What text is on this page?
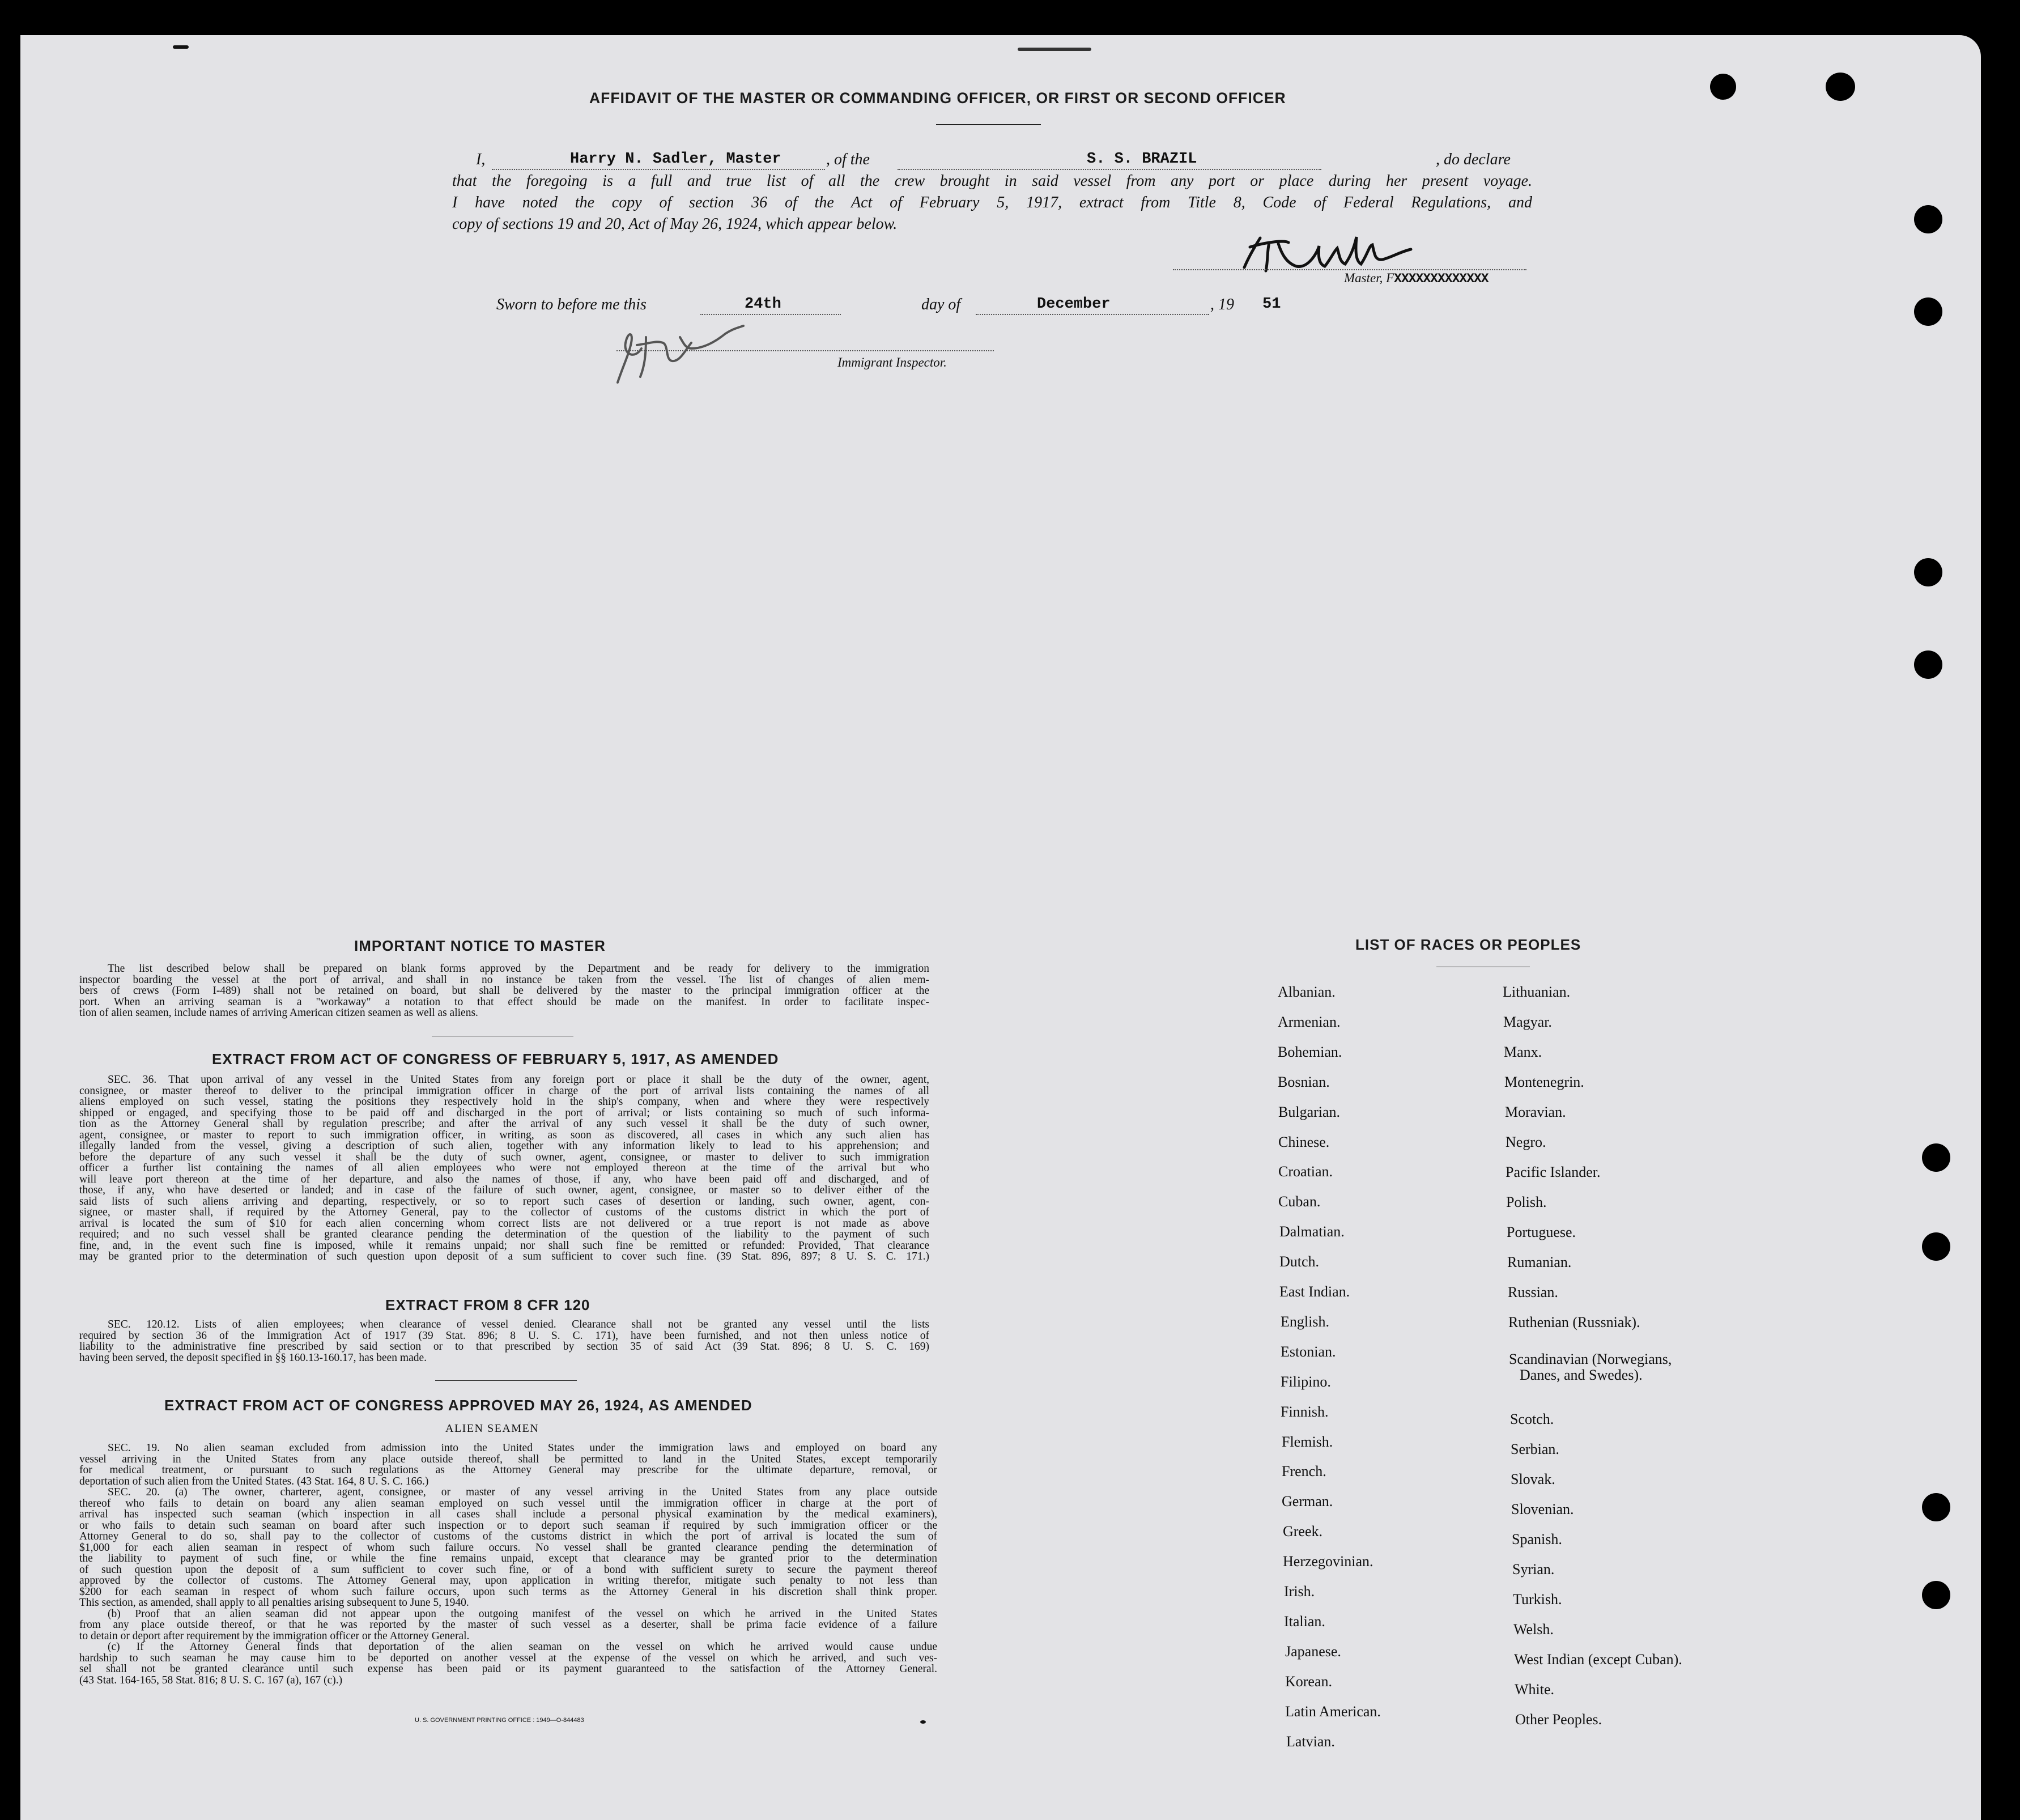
AFFIDAVIT OF THE MASTER OR COMMANDING OFFICER, OR FIRST OR SECOND OFFICER
I,	Harry N. Sadler, Master	, of the	S. S. BRAZIL	, do declare
that the foregoing is a full and true list of all the crew brought in said vessel from any port or place during her present voyage.
I have noted the copy of section 36 of the Act of February 5, 1917, extract from Title 8, Code of Federal Regulations, and
copy of sections 19 and 20, Act of May 26, 1924, which appear below.
Master, FXXXXXXXXXXXXX
Sworn to before me this	24th	day of	December	, 19 51
Immigrant Inspector.
IMPORTANT NOTICE TO MASTER
The list described below shall be prepared on blank forms approved by the Department and be ready for delivery to the immigration
inspector boarding the vessel at the port of arrival, and shall in no instance be taken from the vessel. The list of changes of alien mem-
bers of crews (Form I-489) shall not be retained on board, but shall be delivered by the master to the principal immigration officer at the
port. When an arriving seaman is a "workaway" a notation to that effect should be made on the manifest. In order to facilitate inspec-
tion of alien seamen, include names of arriving American citizen seamen as well as aliens.
EXTRACT FROM ACT OF CONGRESS OF FEBRUARY 5, 1917, AS AMENDED
SEC. 36. That upon arrival of any vessel in the United States from any foreign port or place it shall be the duty of the owner, agent,
consignee, or master thereof to deliver to the principal immigration officer in charge of the port of arrival lists containing the names of all
aliens employed on such vessel, stating the positions they respectively hold in the ship's company, when and where they were respectively
shipped or engaged, and specifying those to be paid off and discharged in the port of arrival; or lists containing so much of such informa-
tion as the Attorney General shall by regulation prescribe; and after the arrival of any such vessel it shall be the duty of such owner,
agent, consignee, or master to report to such immigration officer, in writing, as soon as discovered, all cases in which any such alien has
illegally landed from the vessel, giving a description of such alien, together with any information likely to lead to his apprehension; and
before the departure of any such vessel it shall be the duty of such owner, agent, consignee, or master to deliver to such immigration
officer a further list containing the names of all alien employees who were not employed thereon at the time of the arrival but who
will leave port thereon at the time of her departure, and also the names of those, if any, who have been paid off and discharged, and of
those, if any, who have deserted or landed; and in case of the failure of such owner, agent, consignee, or master so to deliver either of the
said lists of such aliens arriving and departing, respectively, or so to report such cases of desertion or landing, such owner, agent, con-
signee, or master shall, if required by the Attorney General, pay to the collector of customs of the customs district in which the port of
arrival is located the sum of $10 for each alien concerning whom correct lists are not delivered or a true report is not made as above
required; and no such vessel shall be granted clearance pending the determination of the question of the liability to the payment of such
fine, and, in the event such fine is imposed, while it remains unpaid; nor shall such fine be remitted or refunded: Provided, That clearance
may be granted prior to the determination of such question upon deposit of a sum sufficient to cover such fine. (39 Stat. 896, 897; 8 U. S. C. 171.)
EXTRACT FROM 8 CFR 120
SEC. 120.12. Lists of alien employees; when clearance of vessel denied. Clearance shall not be granted any vessel until the lists
required by section 36 of the Immigration Act of 1917 (39 Stat. 896; 8 U. S. C. 171), have been furnished, and not then unless notice of
liability to the administrative fine prescribed by said section or to that prescribed by section 35 of said Act (39 Stat. 896; 8 U. S. C. 169)
having been served, the deposit specified in §§ 160.13-160.17, has been made.
EXTRACT FROM ACT OF CONGRESS APPROVED MAY 26, 1924, AS AMENDED
ALIEN SEAMEN
SEC. 19. No alien seaman excluded from admission into the United States under the immigration laws and employed on board any
vessel arriving in the United States from any place outside thereof, shall be permitted to land in the United States, except temporarily
for medical treatment, or pursuant to such regulations as the Attorney General may prescribe for the ultimate departure, removal, or
deportation of such alien from the United States. (43 Stat. 164, 8 U. S. C. 166.)
SEC. 20. (a) The owner, charterer, agent, consignee, or master of any vessel arriving in the United States from any place outside
thereof who fails to detain on board any alien seaman employed on such vessel until the immigration officer in charge at the port of
arrival has inspected such seaman (which inspection in all cases shall include a personal physical examination by the medical examiners),
or who fails to detain such seaman on board after such inspection or to deport such seaman if required by such immigration officer or the
Attorney General to do so, shall pay to the collector of customs of the customs district in which the port of arrival is located the sum of
$1,000 for each alien seaman in respect of whom such failure occurs. No vessel shall be granted clearance pending the determination of
the liability to payment of such fine, or while the fine remains unpaid, except that clearance may be granted prior to the determination
of such question upon the deposit of a sum sufficient to cover such fine, or of a bond with sufficient surety to secure the payment thereof
approved by the collector of customs. The Attorney General may, upon application in writing therefor, mitigate such penalty to not less than
$200 for each seaman in respect of whom such failure occurs, upon such terms as the Attorney General in his discretion shall think proper.
This section, as amended, shall apply to all penalties arising subsequent to June 5, 1940.
(b) Proof that an alien seaman did not appear upon the outgoing manifest of the vessel on which he arrived in the United States
from any place outside thereof, or that he was reported by the master of such vessel as a deserter, shall be prima facie evidence of a failure
to detain or deport after requirement by the immigration officer or the Attorney General.
(c) If the Attorney General finds that deportation of the alien seaman on the vessel on which he arrived would cause undue
hardship to such seaman he may cause him to be deported on another vessel at the expense of the vessel on which he arrived, and such ves-
sel shall not be granted clearance until such expense has been paid or its payment guaranteed to the satisfaction of the Attorney General.
(43 Stat. 164-165, 58 Stat. 816; 8 U. S. C. 167 (a), 167 (c).)
U. S. GOVERNMENT PRINTING OFFICE : 1949—O-844483
LIST OF RACES OR PEOPLES
Albanian.
Armenian.
Bohemian.
Bosnian.
Bulgarian.
Chinese.
Croatian.
Cuban.
Dalmatian.
Dutch.
East Indian.
English.
Estonian.
Filipino.
Finnish.
Flemish.
French.
German.
Greek.
Herzegovinian.
Irish.
Italian.
Japanese.
Korean.
Latin American.
Latvian.
Lithuanian.
Magyar.
Manx.
Montenegrin.
Moravian.
Negro.
Pacific Islander.
Polish.
Portuguese.
Rumanian.
Russian.
Ruthenian (Russniak).
Scandinavian (Norwegians,
Danes, and Swedes).
Scotch.
Serbian.
Slovak.
Slovenian.
Spanish.
Syrian.
Turkish.
Welsh.
West Indian (except Cuban).
White.
Other Peoples.
